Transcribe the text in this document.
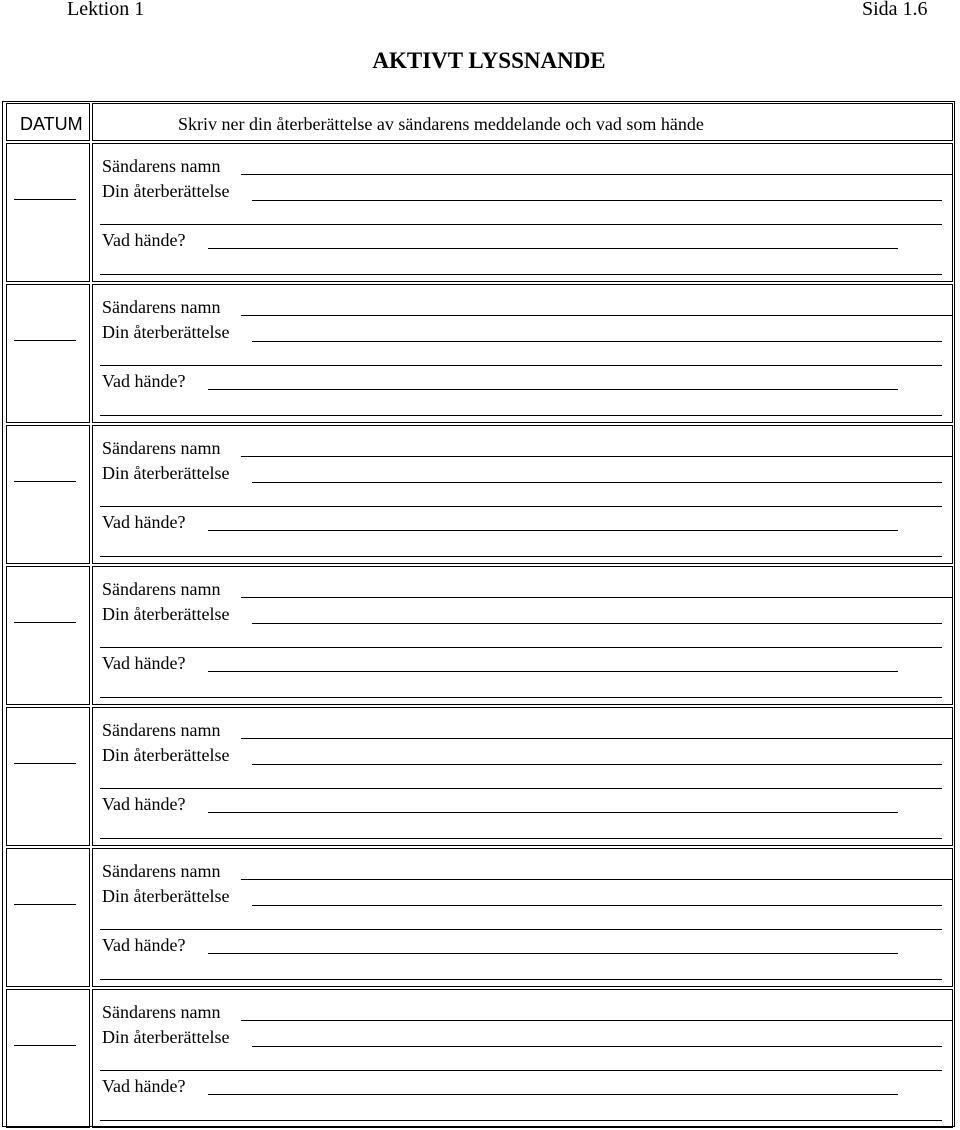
Lektion 1	Sida 1.6
AKTIVT LYSSNANDE
DATUM	Skriv ner din återberättelse av sändarens meddelande och vad som hände
Sändarens namn
Din återberättelse
Vad hände?
Sändarens namn
Din återberättelse
Vad hände?
Sändarens namn
Din återberättelse
Vad hände?
Sändarens namn
Din återberättelse
Vad hände?
Sändarens namn
Din återberättelse
Vad hände?
Sändarens namn
Din återberättelse
Vad hände?
Sändarens namn
Din återberättelse
Vad hände?
